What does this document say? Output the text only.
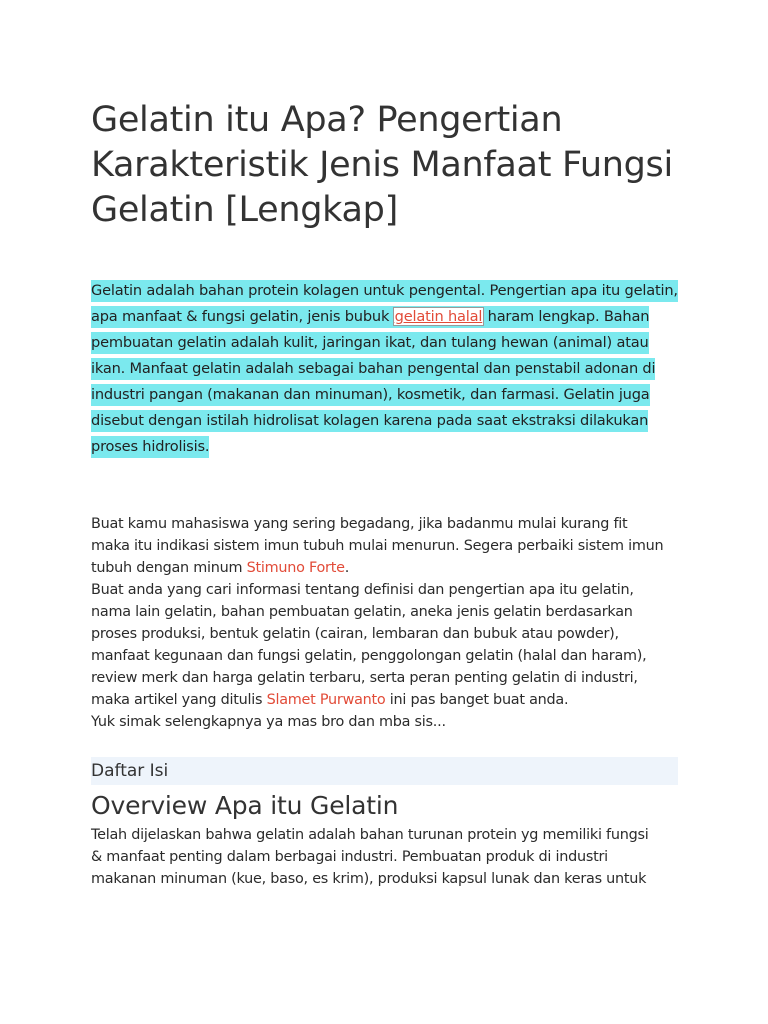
Gelatin itu Apa? Pengertian Karakteristik Jenis Manfaat Fungsi Gelatin [Lengkap]

Gelatin adalah bahan protein kolagen untuk pengental. Pengertian apa itu gelatin, apa manfaat & fungsi gelatin, jenis bubuk gelatin halal haram lengkap. Bahan pembuatan gelatin adalah kulit, jaringan ikat, dan tulang hewan (animal) atau ikan. Manfaat gelatin adalah sebagai bahan pengental dan penstabil adonan di industri pangan (makanan dan minuman), kosmetik, dan farmasi. Gelatin juga disebut dengan istilah hidrolisat kolagen karena pada saat ekstraksi dilakukan proses hidrolisis.

Buat kamu mahasiswa yang sering begadang, jika badanmu mulai kurang fit
maka itu indikasi sistem imun tubuh mulai menurun. Segera perbaiki sistem imun
tubuh dengan minum Stimuno Forte.
Buat anda yang cari informasi tentang definisi dan pengertian apa itu gelatin,
nama lain gelatin, bahan pembuatan gelatin, aneka jenis gelatin berdasarkan
proses produksi, bentuk gelatin (cairan, lembaran dan bubuk atau powder),
manfaat kegunaan dan fungsi gelatin, penggolongan gelatin (halal dan haram),
review merk dan harga gelatin terbaru, serta peran penting gelatin di industri,
maka artikel yang ditulis Slamet Purwanto ini pas banget buat anda.
Yuk simak selengkapnya ya mas bro dan mba sis...
Daftar Isi
Overview Apa itu Gelatin
Telah dijelaskan bahwa gelatin adalah bahan turunan protein yg memiliki fungsi
& manfaat penting dalam berbagai industri. Pembuatan produk di industri
makanan minuman (kue, baso, es krim), produksi kapsul lunak dan keras untuk
